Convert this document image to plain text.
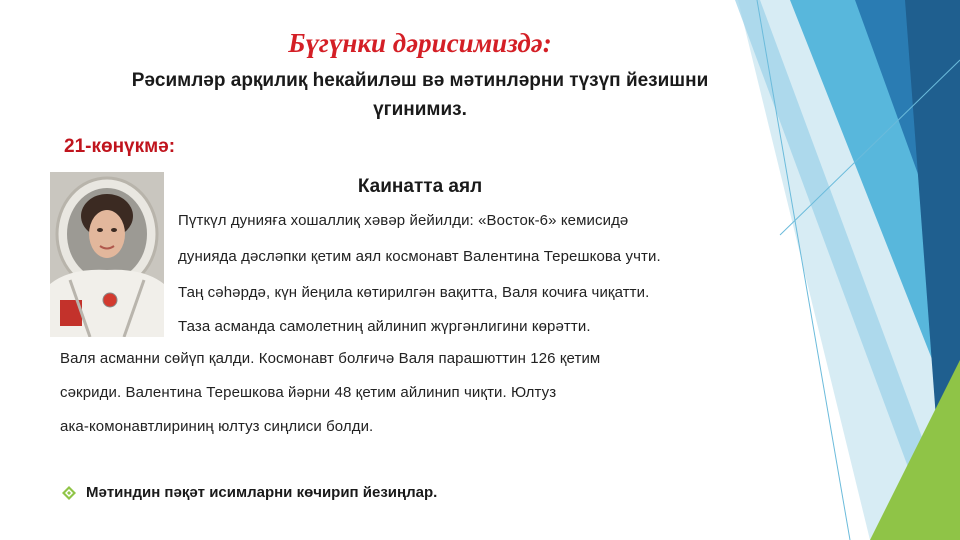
Бүгүнки дәрисимиздә:

Рәсимләр арқилиқ һекайиләш вә мәтинләрни түзүп йезишни үгинимиз.

21-көнүкмә:
Каинатта аял
Пүткүл дунияға хошаллиқ хәвәр йейилди: «Восток-6» кемисидә
дунияда дәсләпки қетим аял космонавт Валентина Терешкова учти.
Таң сәһәрдә, күн йеңила көтирилгән вақитта, Валя кочиға чиқатти.
Таза асманда самолетниң айлинип жүргәнлигини көрәтти.
Валя асманни сөйүп қалди. Космонавт болғичә Валя парашюттин 126 қетим
сәкриди. Валентина Терешкова йәрни 48 қетим айлинип чиқти. Юлтуз
ака-комонавтлириниң юлтуз сиңлиси болди.
Мәтиндин пәқәт исимларни көчирип йезиңлар.
